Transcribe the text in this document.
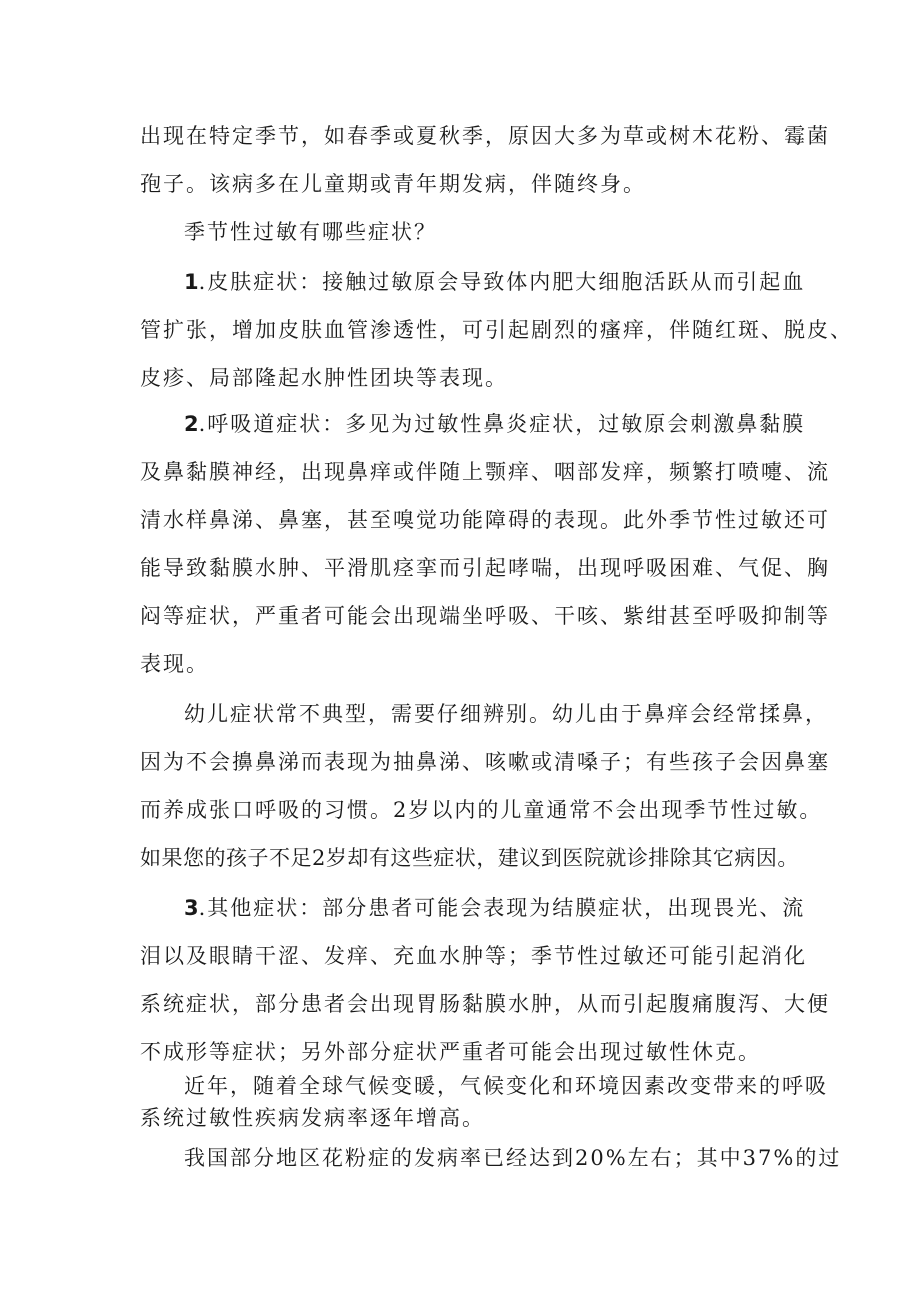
出现在特定季节，如春季或夏秋季，原因大多为草或树木花粉、霉菌
孢子。该病多在儿童期或青年期发病，伴随终身。
季节性过敏有哪些症状？
1.皮肤症状：接触过敏原会导致体内肥大细胞活跃从而引起血
管扩张，增加皮肤血管渗透性，可引起剧烈的瘙痒，伴随红斑、脱皮、
皮疹、局部隆起水肿性团块等表现。
2.呼吸道症状：多见为过敏性鼻炎症状，过敏原会刺激鼻黏膜
及鼻黏膜神经，出现鼻痒或伴随上颚痒、咽部发痒，频繁打喷嚏、流
清水样鼻涕、鼻塞，甚至嗅觉功能障碍的表现。此外季节性过敏还可
能导致黏膜水肿、平滑肌痉挛而引起哮喘，出现呼吸困难、气促、胸
闷等症状，严重者可能会出现端坐呼吸、干咳、紫绀甚至呼吸抑制等
表现。
幼儿症状常不典型，需要仔细辨别。幼儿由于鼻痒会经常揉鼻，
因为不会擤鼻涕而表现为抽鼻涕、咳嗽或清嗓子；有些孩子会因鼻塞
而养成张口呼吸的习惯。2岁以内的儿童通常不会出现季节性过敏。
如果您的孩子不足2岁却有这些症状，建议到医院就诊排除其它病因。
3.其他症状：部分患者可能会表现为结膜症状，出现畏光、流
泪以及眼睛干涩、发痒、充血水肿等；季节性过敏还可能引起消化
系统症状，部分患者会出现胃肠黏膜水肿，从而引起腹痛腹泻、大便
不成形等症状；另外部分症状严重者可能会出现过敏性休克。
近年，随着全球气候变暖，气候变化和环境因素改变带来的呼吸
系统过敏性疾病发病率逐年增高。
我国部分地区花粉症的发病率已经达到20%左右；其中37%的过
